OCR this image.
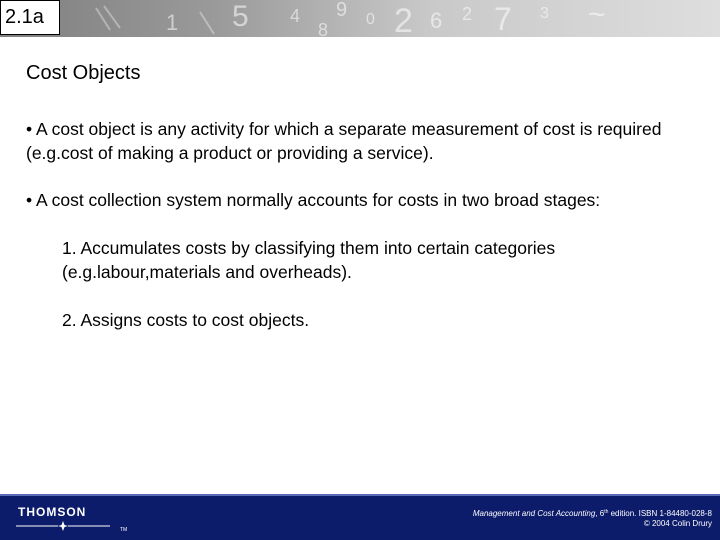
5	9 0 2 6 7
8
2	~
1	3
4
2.1a
Cost Objects
• A cost object is any activity for which a separate measurement of cost is required (e.g.cost of making a product or providing a service).
• A cost collection system normally accounts for costs in two broad stages:
1. Accumulates costs by classifying them into certain categories (e.g.labour,materials and overheads).
2. Assigns costs to cost objects.
THOMSON
TM
Management and Cost Accounting, 6th edition. ISBN 1-84480-028-8
© 2004 Colin Drury
